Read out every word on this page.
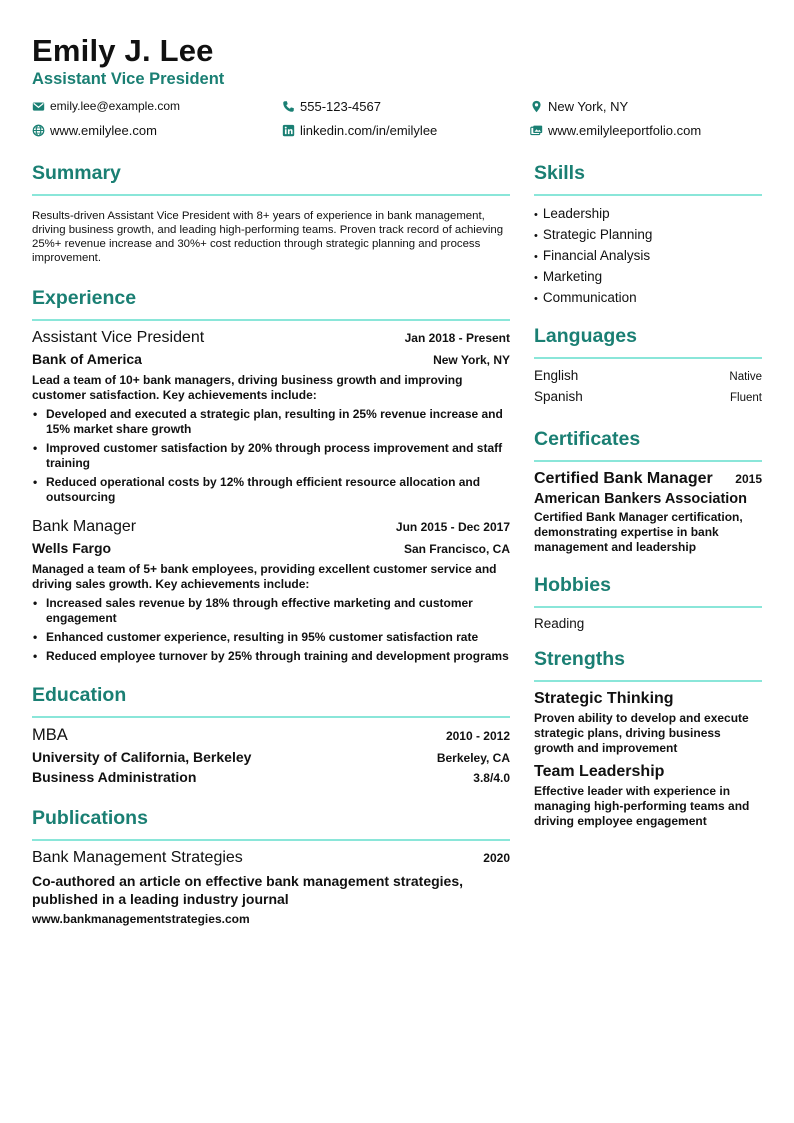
Emily J. Lee
Assistant Vice President
emily.lee@example.com	555-123-4567	New York, NY
www.emilylee.com	linkedin.com/in/emilylee	www.emilyleeportfolio.com
Summary

Results-driven Assistant Vice President with 8+ years of experience in bank management, driving business growth, and leading high-performing teams. Proven track record of achieving 25%+ revenue increase and 30%+ cost reduction through strategic planning and process improvement.

Experience
Assistant Vice President	Jan 2018 - Present
Bank of America	New York, NY

Lead a team of 10+ bank managers, driving business growth and improving customer satisfaction. Key achievements include:

• Developed and executed a strategic plan, resulting in 25% revenue increase and 15% market share growth
• Improved customer satisfaction by 20% through process improvement and staff training
• Reduced operational costs by 12% through efficient resource allocation and outsourcing
Bank Manager	Jun 2015 - Dec 2017
Wells Fargo	San Francisco, CA

Managed a team of 5+ bank employees, providing excellent customer service and driving sales growth. Key achievements include:

• Increased sales revenue by 18% through effective marketing and customer engagement
• Enhanced customer experience, resulting in 95% customer satisfaction rate
• Reduced employee turnover by 25% through training and development programs
Education
MBA	2010 - 2012
University of California, Berkeley	Berkeley, CA
Business Administration	3.8/4.0
Publications
Bank Management Strategies	2020

Co-authored an article on effective bank management strategies, published in a leading industry journal

www.bankmanagementstrategies.com
Skills
• Leadership
• Strategic Planning
• Financial Analysis
• Marketing
• Communication
Languages
English	Native
Spanish	Fluent
Certificates
Certified Bank Manager 2015
American Bankers Association

Certified Bank Manager certification, demonstrating expertise in bank management and leadership

Hobbies
Reading
Strengths
Strategic Thinking

Proven ability to develop and execute strategic plans, driving business growth and improvement

Team Leadership

Effective leader with experience in managing high-performing teams and driving employee engagement
